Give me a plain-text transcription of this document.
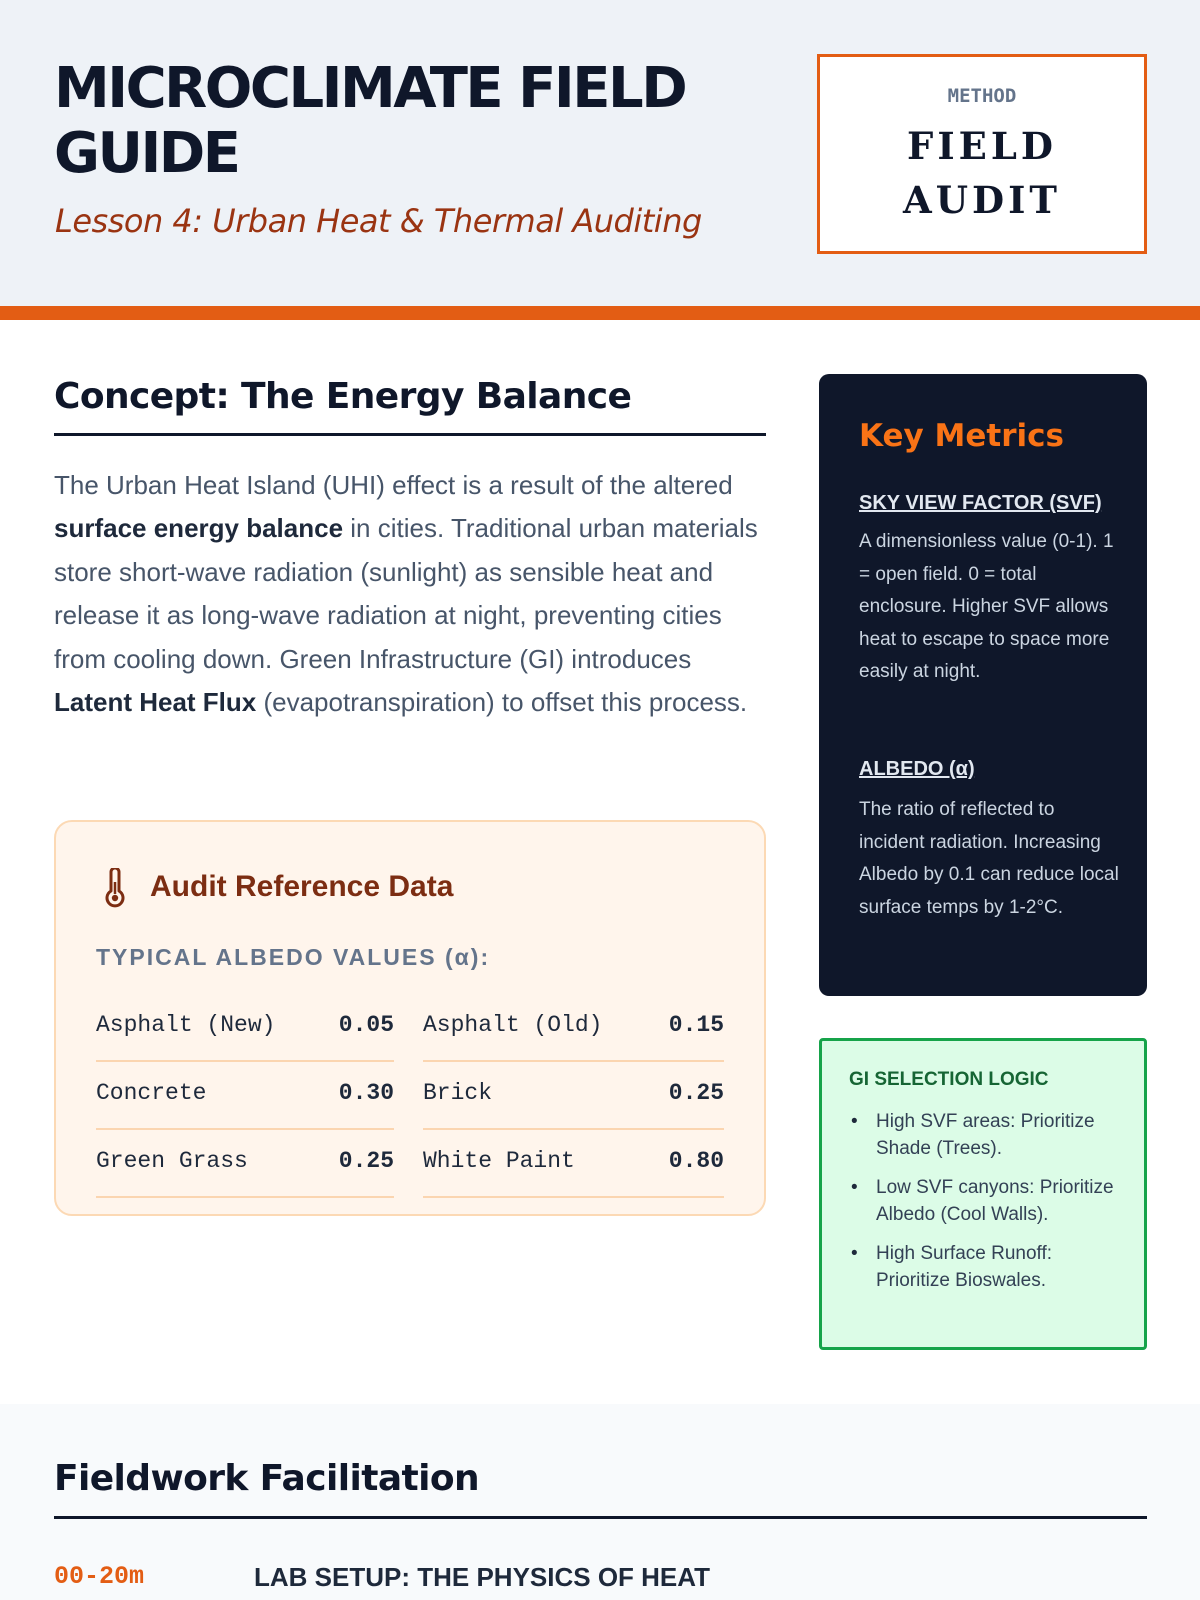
MICROCLIMATE FIELD GUIDE
Lesson 4: Urban Heat & Thermal Auditing
METHOD
FIELD AUDIT
Concept: The Energy Balance

The Urban Heat Island (UHI) effect is a result of the altered surface energy balance in cities. Traditional urban materials store short-wave radiation (sunlight) as sensible heat and release it as long-wave radiation at night, preventing cities from cooling down. Green Infrastructure (GI) introduces Latent Heat Flux (evapotranspiration) to offset this process.

Audit Reference Data
TYPICAL ALBEDO VALUES (α):
Asphalt (New)	0.05 Asphalt (Old)	0.15
Concrete	0.30 Brick	0.25
Green Grass	0.25 White Paint	0.80
Key Metrics
SKY VIEW FACTOR (SVF)
A dimensionless value (0-1). 1 = open field. 0 = total enclosure. Higher SVF allows heat to escape to space more easily at night.
ALBEDO (α)
The ratio of reflected to incident radiation. Increasing Albedo by 0.1 can reduce local surface temps by 1-2°C.
GI SELECTION LOGIC
• High SVF areas: Prioritize Shade (Trees).
• Low SVF canyons: Prioritize Albedo (Cool Walls).
• High Surface Runoff: Prioritize Bioswales.
Fieldwork Facilitation
00-20m	LAB SETUP: THE PHYSICS OF HEAT
